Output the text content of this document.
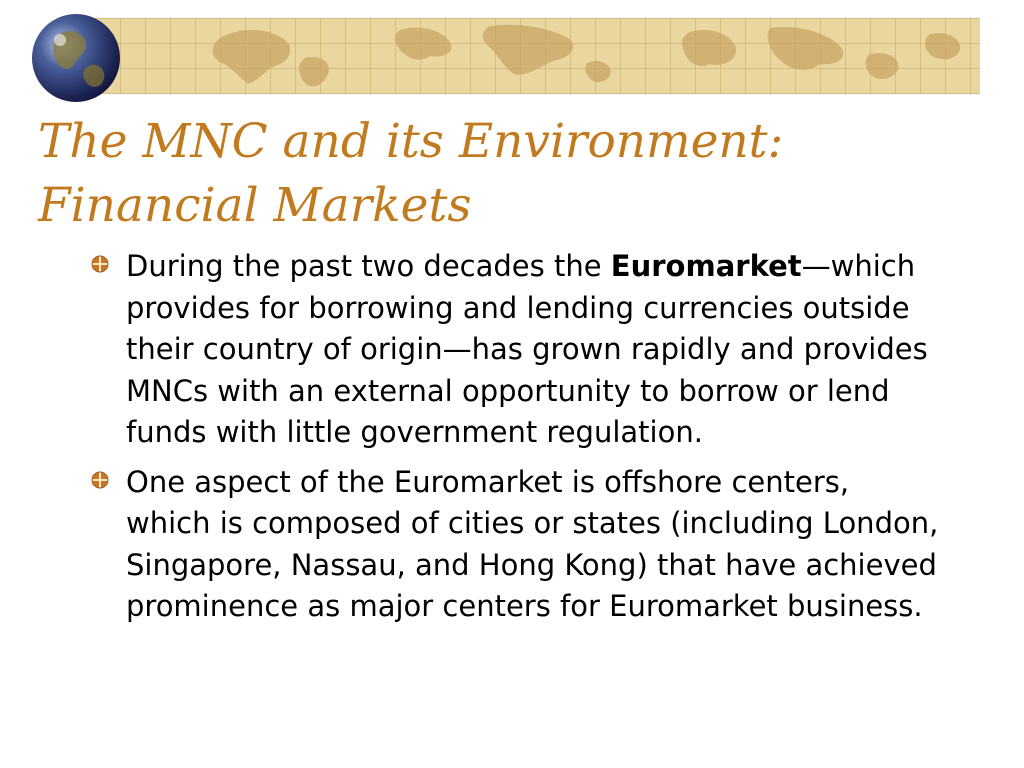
The MNC and its Environment:
Financial Markets
During the past two decades the Euromarket—which provides for borrowing and lending currencies outside their country of origin—has grown rapidly and provides MNCs with an external opportunity to borrow or lend funds with little government regulation.
One aspect of the Euromarket is offshore centers, which is composed of cities or states (including London, Singapore, Nassau, and Hong Kong) that have achieved prominence as major centers for Euromarket business.
